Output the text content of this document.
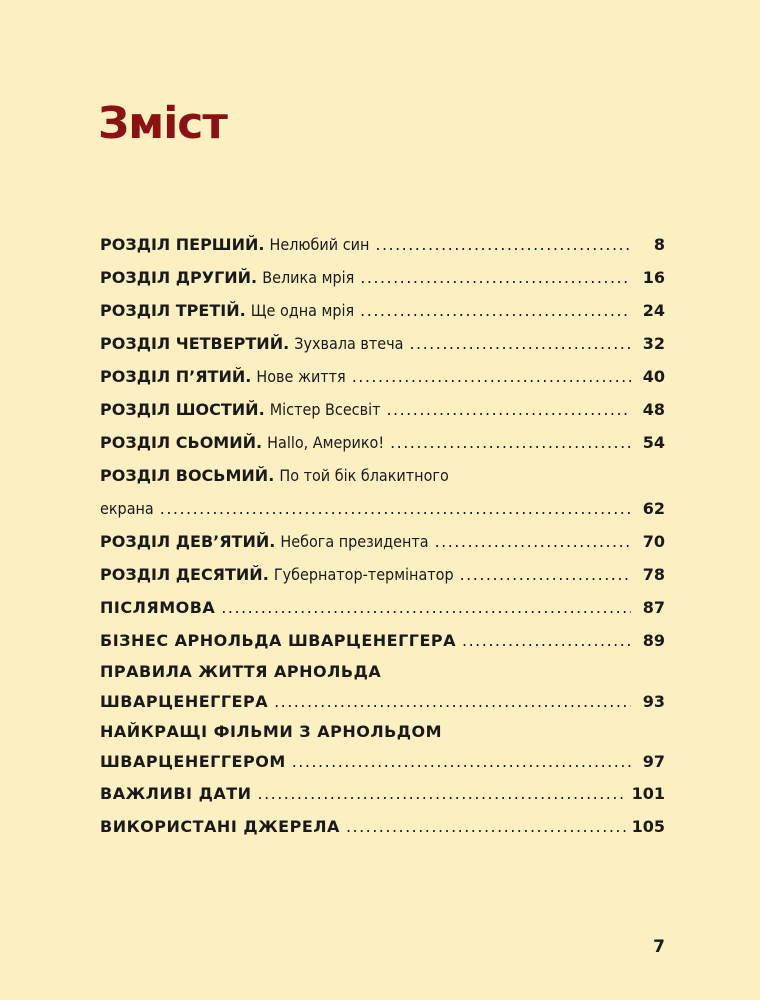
Зміст
РОЗДІЛ ПЕРШИЙ. Нелюбий син . . .	8
РОЗДІЛ ДРУГИЙ. Велика мрія . . .	16
РОЗДІЛ ТРЕТІЙ. Ще одна мрія . . .	24
РОЗДІЛ ЧЕТВЕРТИЙ. Зухвала втеча . . .	32
РОЗДІЛ П’ЯТИЙ. Нове життя . . .	40
РОЗДІЛ ШОСТИЙ. Містер Всесвіт . . .	48
РОЗДІЛ СЬОМИЙ. Hallo, Америко! . . .	54
РОЗДІЛ ВОСЬМИЙ. По той бік блакитного
екрана . . .	62
РОЗДІЛ ДЕВ’ЯТИЙ. Небога президента . . .	70
РОЗДІЛ ДЕСЯТИЙ. Губернатор-термінатор . . .	78
ПІСЛЯМОВА . . .	87
БІЗНЕС АРНОЛЬДА ШВАРЦЕНЕГГЕРА . . .	89
ПРАВИЛА ЖИТТЯ АРНОЛЬДА
ШВАРЦЕНЕГГЕРА . . .	93
НАЙКРАЩІ ФІЛЬМИ З АРНОЛЬДОМ
ШВАРЦЕНЕГГЕРОМ . . .	97
ВАЖЛИВІ ДАТИ . . .	101
ВИКОРИСТАНІ ДЖЕРЕЛА . . .	105
7
